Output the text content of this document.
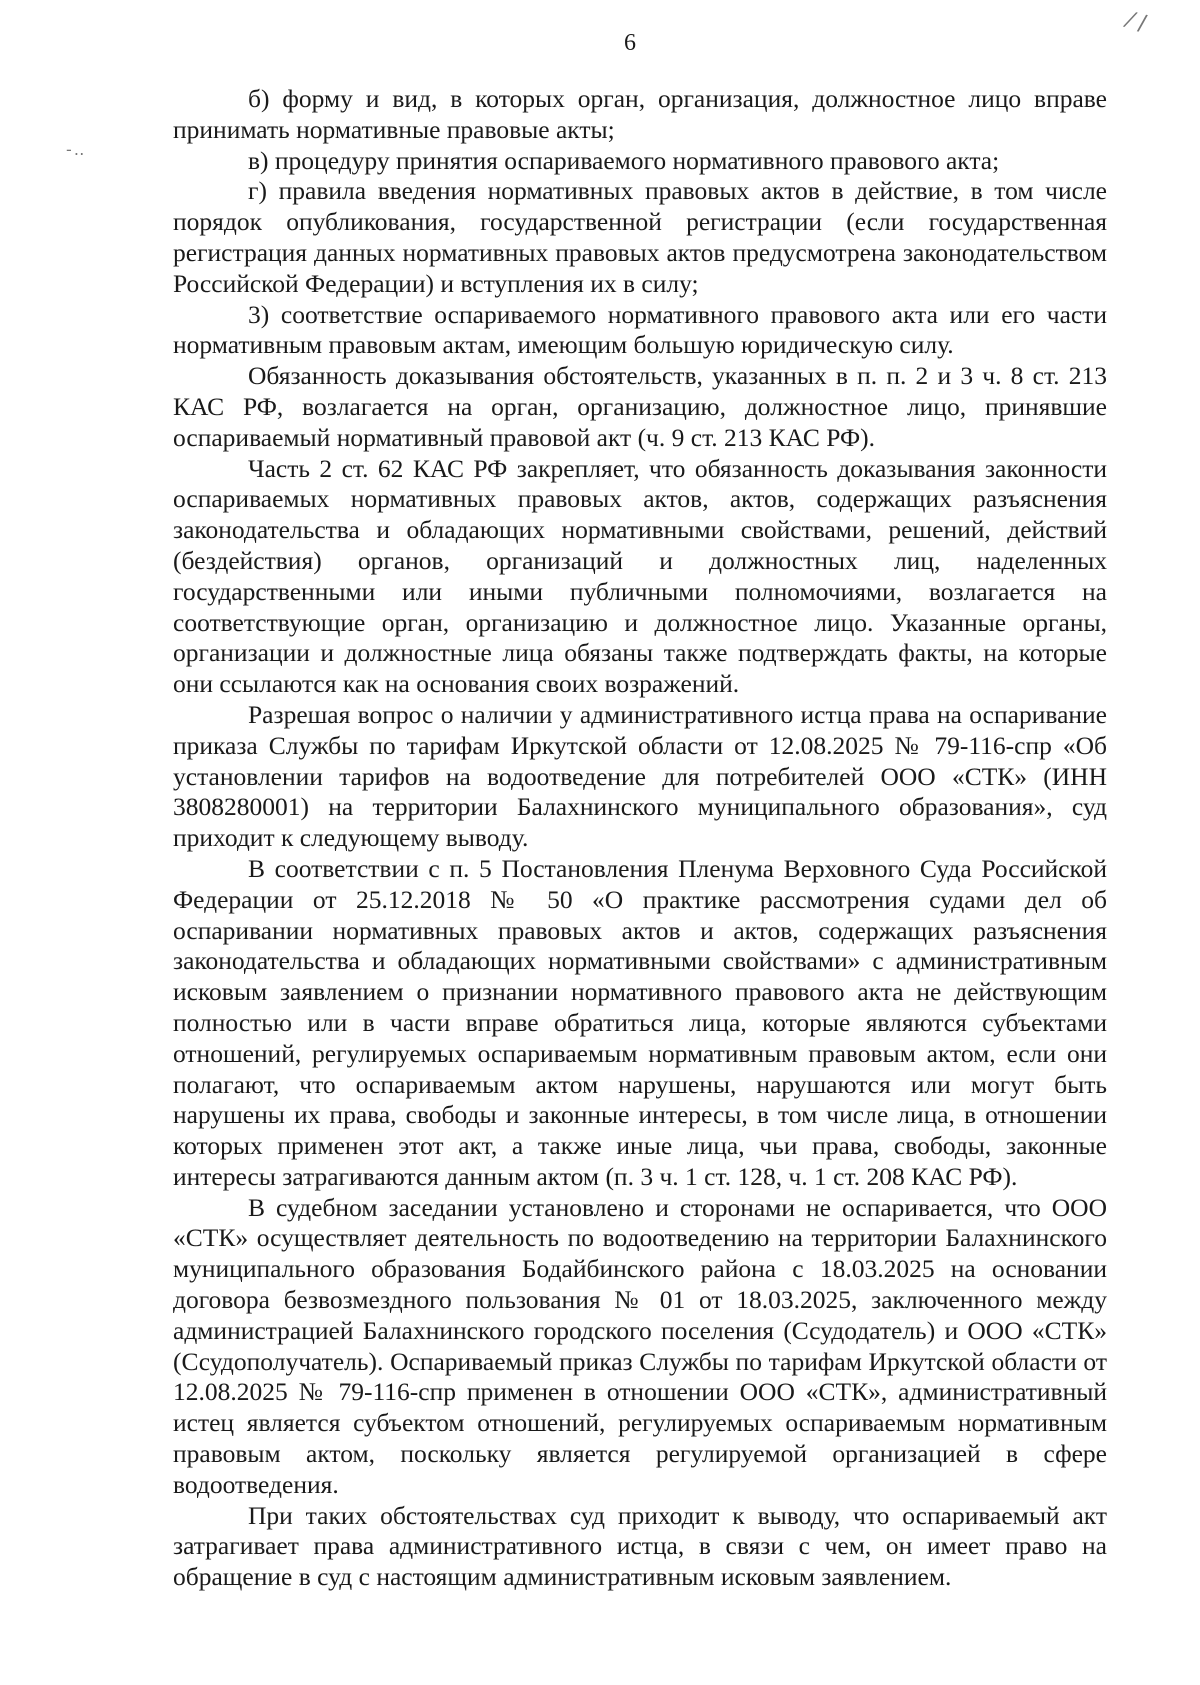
⁄ ∕
‐‥
6

б) форму и вид, в которых орган, организация, должностное лицо вправе принимать нормативные правовые акты;

в) процедуру принятия оспариваемого нормативного правового акта;

г) правила введения нормативных правовых актов в действие, в том числе порядок опубликования, государственной регистрации (если государственная регистрация данных нормативных правовых актов предусмотрена законодательством Российской Федерации) и вступления их в силу;

3) соответствие оспариваемого нормативного правового акта или его части нормативным правовым актам, имеющим большую юридическую силу.

Обязанность доказывания обстоятельств, указанных в п. п. 2 и 3 ч. 8 ст. 213 КАС РФ, возлагается на орган, организацию, должностное лицо, принявшие оспариваемый нормативный правовой акт (ч. 9 ст. 213 КАС РФ).

Часть 2 ст. 62 КАС РФ закрепляет, что обязанность доказывания законности оспариваемых нормативных правовых актов, актов, содержащих разъяснения законодательства и обладающих нормативными свойствами, решений, действий (бездействия) органов, организаций и должностных лиц, наделенных государственными или иными публичными полномочиями, возлагается на соответствующие орган, организацию и должностное лицо. Указанные органы, организации и должностные лица обязаны также подтверждать факты, на которые они ссылаются как на основания своих возражений.

Разрешая вопрос о наличии у административного истца права на оспаривание приказа Службы по тарифам Иркутской области от 12.08.2025 № 79-116-спр «Об установлении тарифов на водоотведение для потребителей ООО «СТК» (ИНН 3808280001) на территории Балахнинского муниципального образования», суд приходит к следующему выводу.

В соответствии с п. 5 Постановления Пленума Верховного Суда Российской Федерации от 25.12.2018 № 50 «О практике рассмотрения судами дел об оспаривании нормативных правовых актов и актов, содержащих разъяснения законодательства и обладающих нормативными свойствами» с административным исковым заявлением о признании нормативного правового акта не действующим полностью или в части вправе обратиться лица, которые являются субъектами отношений, регулируемых оспариваемым нормативным правовым актом, если они полагают, что оспариваемым актом нарушены, нарушаются или могут быть нарушены их права, свободы и законные интересы, в том числе лица, в отношении которых применен этот акт, а также иные лица, чьи права, свободы, законные интересы затрагиваются данным актом (п. 3 ч. 1 ст. 128, ч. 1 ст. 208 КАС РФ).

В судебном заседании установлено и сторонами не оспаривается, что ООО «СТК» осуществляет деятельность по водоотведению на территории Балахнинского муниципального образования Бодайбинского района с 18.03.2025 на основании договора безвозмездного пользования № 01 от 18.03.2025, заключенного между администрацией Балахнинского городского поселения (Ссудодатель) и ООО «СТК» (Ссудополучатель). Оспариваемый приказ Службы по тарифам Иркутской области от 12.08.2025 № 79-116-спр применен в отношении ООО «СТК», административный истец является субъектом отношений, регулируемых оспариваемым нормативным правовым актом, поскольку является регулируемой организацией в сфере водоотведения.

При таких обстоятельствах суд приходит к выводу, что оспариваемый акт затрагивает права административного истца, в связи с чем, он имеет право на обращение в суд с настоящим административным исковым заявлением.
